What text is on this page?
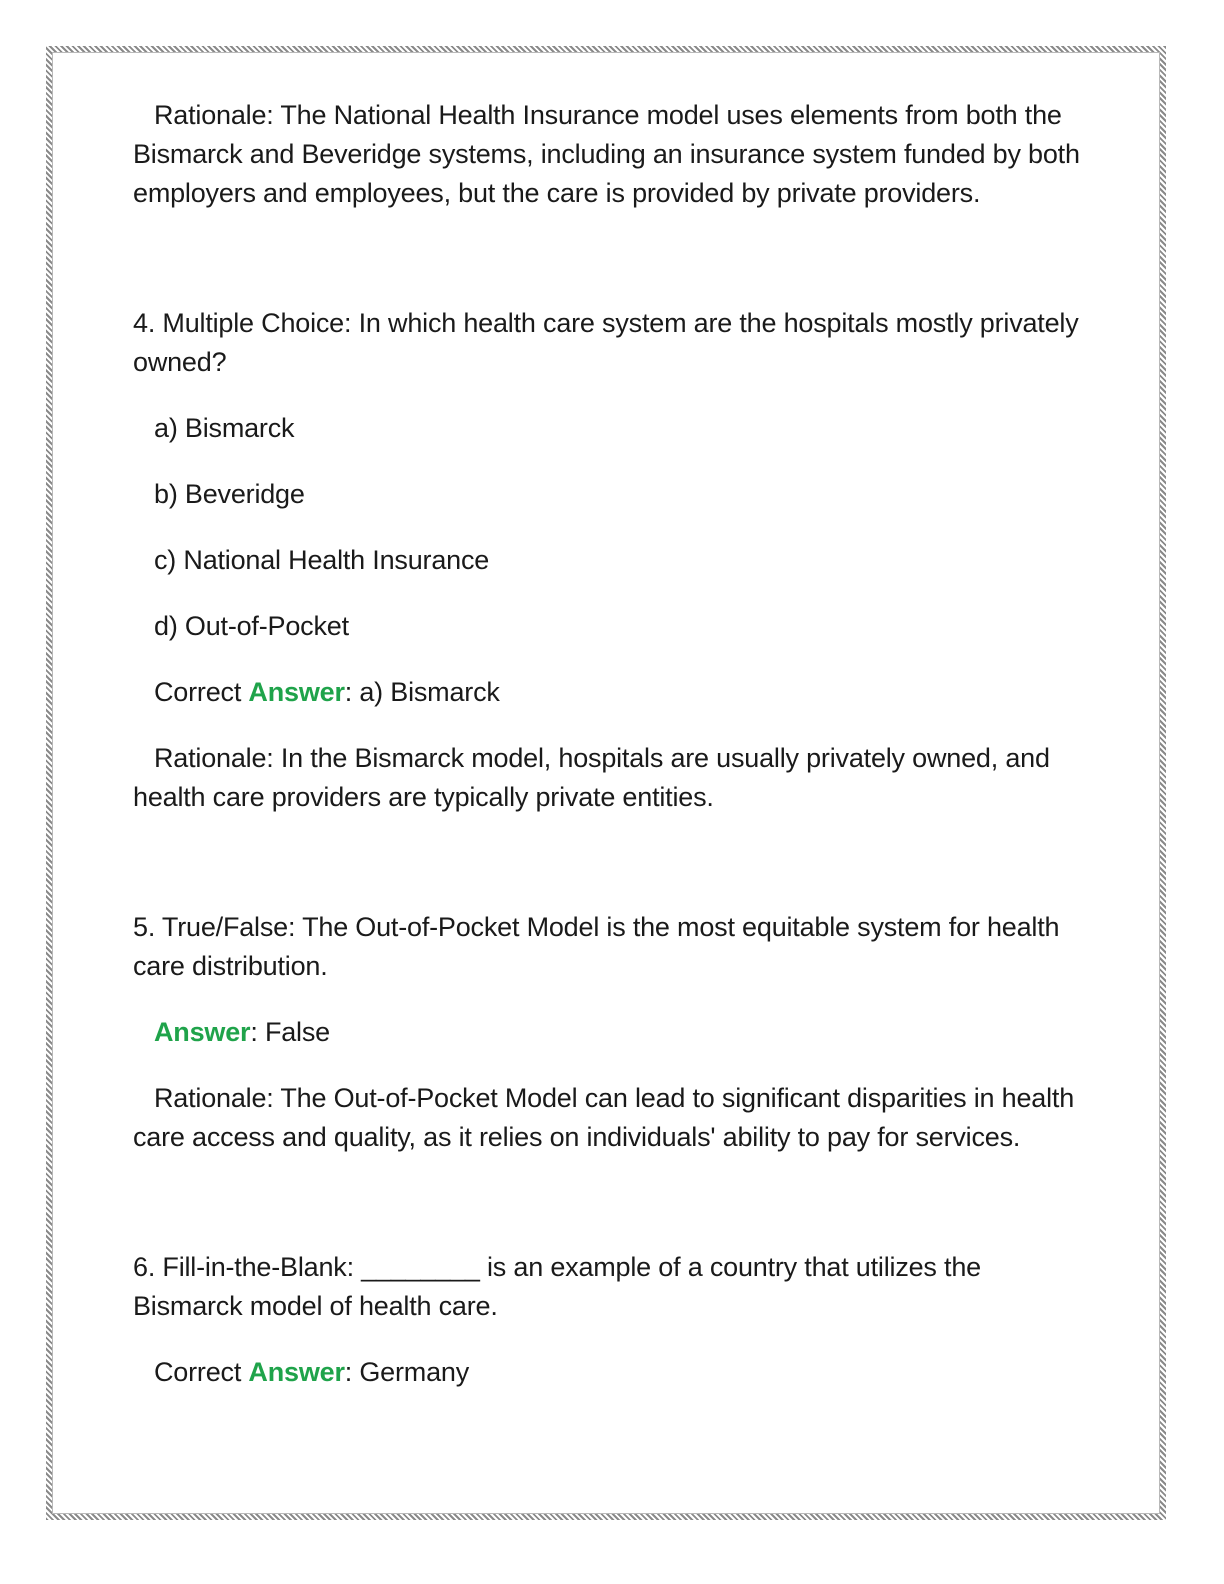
Rationale: The National Health Insurance model uses elements from both the Bismarck and Beveridge systems, including an insurance system funded by both employers and employees, but the care is provided by private providers.

4. Multiple Choice: In which health care system are the hospitals mostly privately owned?

a) Bismarck

b) Beveridge

c) National Health Insurance

d) Out-of-Pocket

Correct Answer: a) Bismarck

Rationale: In the Bismarck model, hospitals are usually privately owned, and health care providers are typically private entities.

5. True/False: The Out-of-Pocket Model is the most equitable system for health care distribution.

Answer: False

Rationale: The Out-of-Pocket Model can lead to significant disparities in health care access and quality, as it relies on individuals' ability to pay for services.

6. Fill-in-the-Blank: ________ is an example of a country that utilizes the Bismarck model of health care.

Correct Answer: Germany
